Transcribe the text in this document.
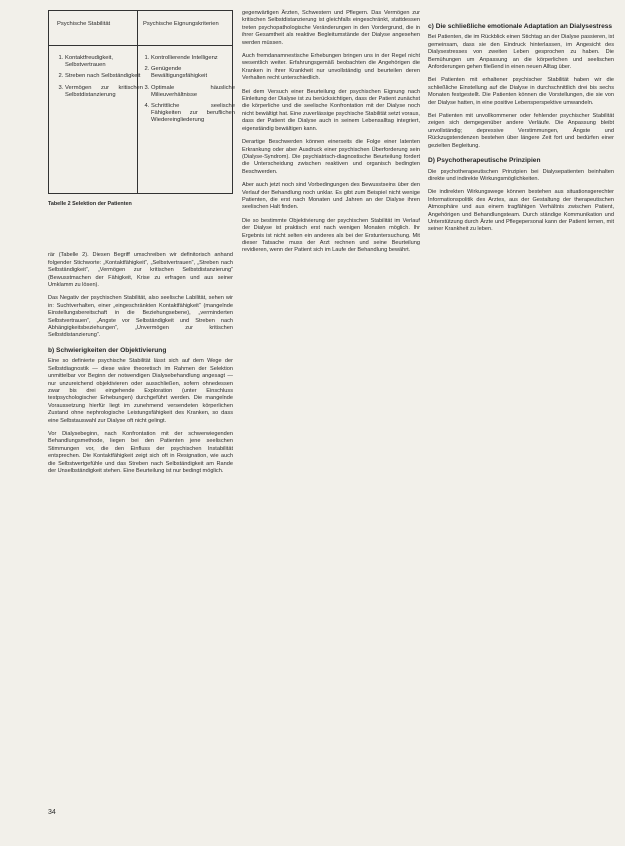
Psychische Stabilität	Psychische Eignungskriterien
1. Kontaktfreudigkeit, Selbstvertrauen
2. Streben nach Selbständigkeit
3. Vermögen zur kritischen Selbstdistanzierung
1. Kontrollierende Intelligenz
2. Genügende Bewältigungsfähigkeit
3. Optimale häusliche Milieuverhältnisse
4. Schrittliche seelische Fähigkeiten zur beruflichen Wiedereingliederung
Tabelle 2 Selektion der Patienten

rär (Tabelle 2). Diesen Begriff umschreiben wir definitorisch anhand folgender Stichworte: „Kontaktfähigkeit“, „Selbstvertrauen“, „Streben nach Selbständigkeit“, „Vermögen zur kritischen Selbstdistanzierung“ (Bewusstmachen der Fähigkeit, Krise zu erfragen und aus seiner Umklamm zu lösen).

Das Negativ der psychischen Stabilität, also seelische Labilität, sehen wir in: Suchtverhalten, einer „eingeschränkten Kontaktfähigkeit“ (mangelnde Einstellungsbereitschaft in die Beziehungsebene), „verminderten Selbstvertrauen“, „Angste vor Selbständigkeit und Streben nach Abhängigkeitsbeziehungen“, „Unvermögen zur kritischen Selbstdistanzierung“.

b) Schwierigkeiten der Objektivierung

Eine so definierte psychische Stabilität lässt sich auf dem Wege der Selbstdiagnostik — diese wäre theoretisch im Rahmen der Selektion unmittelbar vor Beginn der notwendigen Dialysebehandlung angesagt — nur unzureichend objektivieren oder ausschließen, sofern ohnedessen zwar bis drei eingehende Exploration (unter Einschluss testpsychologischer Erhebungen) durchgeführt werden. Die mangelnde Voraussetzung hierfür liegt im zunehmend versendeten körperlichen Zustand ohne nephrologische Leistungsfähigkeit des Kranken, so dass eine Selbstauswahl zur Dialyse oft nicht gelingt.

Vor Dialysebeginn, nach Konfrontation mit der schwerwiegenden Behandlungsmethode, liegen bei den Patienten jene seelischen Stimmungen vor, die den Einfluss der psychischen Instabilität entsprechen. Die Kontaktfähigkeit zeigt sich oft in Resignation, wie auch die Selbstwertgefühle und das Streben nach Selbständigkeit am Rande der Unselbständigkeit stehen. Eine Beurteilung ist nur bedingt möglich.

gegenwärtigen Ärzten, Schwestern und Pflegern. Das Vermögen zur kritischen Selbstdistanzierung ist gleichfalls eingeschränkt, stattdessen treten psychopathologische Veränderungen in den Vordergrund, die in ihrer Gesamtheit als reaktive Begleitumstände der Dialyse angesehen werden müssen.

Auch fremdanamnestische Erhebungen bringen uns in der Regel nicht wesentlich weiter. Erfahrungsgemäß beobachten die Angehörigen die Kranken in ihrer Krankheit nur unvollständig und beurteilen deren Verhalten recht unterschiedlich.

Bei dem Versuch einer Beurteilung der psychischen Eignung nach Einleitung der Dialyse ist zu berücksichtigen, dass der Patient zunächst die körperliche und die seelische Konfrontation mit der Dialyse noch nicht bewältigt hat. Eine zuverlässige psychische Stabilität setzt voraus, dass der Patient die Dialyse auch in seinem Lebensalltag integriert, eigenständig bewältigen kann.

Derartige Beschwerden können einerseits die Folge einer latenten Erkrankung oder aber Ausdruck einer psychischen Überforderung sein (Dialyse-Syndrom). Die psychiatrisch-diagnostische Beurteilung fordert die Unterscheidung zwischen reaktiven und organisch bedingten Beschwerden.

Aber auch jetzt noch sind Vorbedingungen des Bewusstseins über den Verlauf der Behandlung noch unklar. Es gibt zum Beispiel nicht wenige Patienten, die erst nach Monaten und Jahren an der Dialyse ihren seelischen Halt finden.

Die so bestimmte Objektivierung der psychischen Stabilität im Verlauf der Dialyse ist praktisch erst nach wenigen Monaten möglich. Ihr Ergebnis ist nicht selten ein anderes als bei der Erstuntersuchung. Mit dieser Tatsache muss der Arzt rechnen und seine Beurteilung revidieren, wenn der Patient sich im Laufe der Behandlung bewährt.

c) Die schließliche emotionale Adaptation an Dialysestress

Bei Patienten, die im Rückblick einen Stichtag an der Dialyse passieren, ist gemeinsam, dass sie den Eindruck hinterlassen, im Angesicht des Dialysestresses von zweiten Leben gesprochen zu haben. Die Bemühungen um Anpassung an die körperlichen und seelischen Anforderungen gehen fließend in einen neuen Alltag über.

Bei Patienten mit erhaltener psychischer Stabilität haben wir die schließliche Einstellung auf die Dialyse in durchschnittlich drei bis sechs Monaten festgestellt. Die Patienten können die Vorstellungen, die sie von der Dialyse hatten, in eine positive Lebensperspektive umwandeln.

Bei Patienten mit unvollkommener oder fehlender psychischer Stabilität zeigen sich demgegenüber andere Verläufe. Die Anpassung bleibt unvollständig; depressive Verstimmungen, Ängste und Rückzugstendenzen bestehen über längere Zeit fort und bedürfen einer gezielten Begleitung.

D) Psychotherapeutische Prinzipien

Die psychotherapeutischen Prinzipien bei Dialysepatienten beinhalten direkte und indirekte Wirkungsmöglichkeiten.

Die indirekten Wirkungswege können bestehen aus situationsgerechter Informationspolitik des Arztes, aus der Gestaltung der therapeutischen Atmosphäre und aus einem tragfähigen Verhältnis zwischen Patient, Angehörigen und Behandlungsteam. Durch ständige Kommunikation und Unterstützung durch Ärzte und Pflegepersonal kann der Patient lernen, mit seiner Krankheit zu leben.

34
